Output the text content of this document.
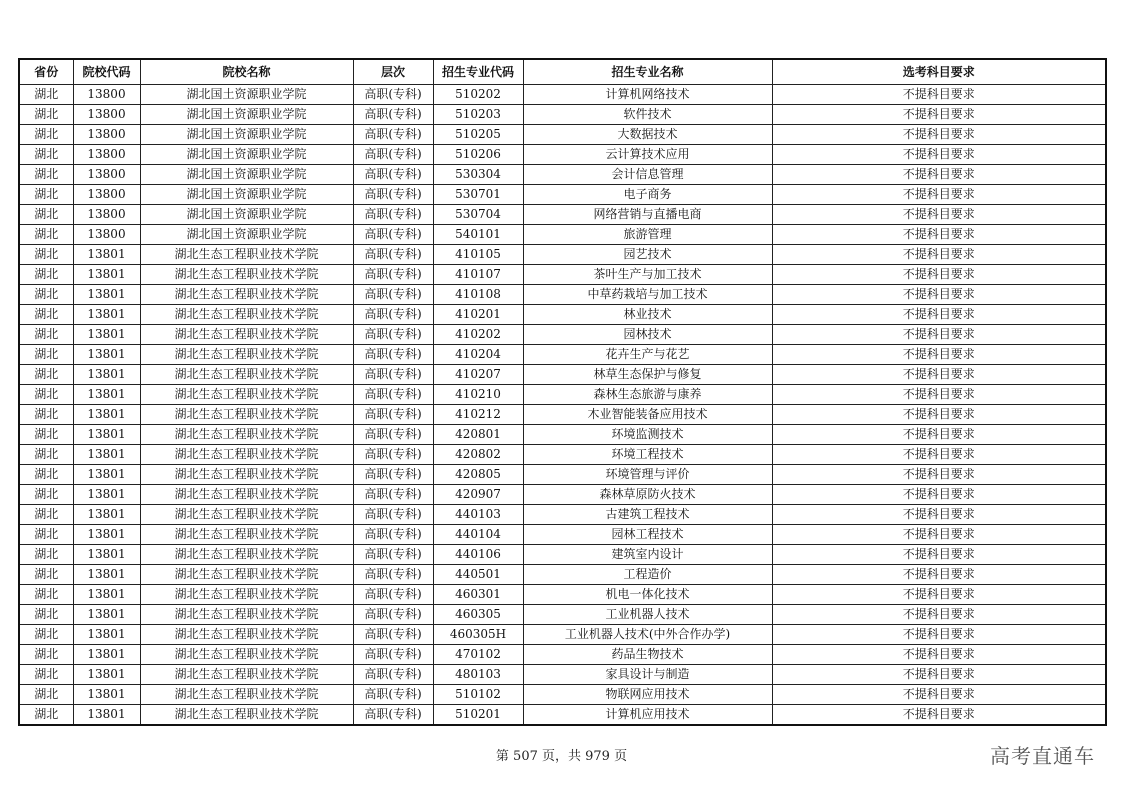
省份	院校代码	院校名称	层次	招生专业代码	招生专业名称	选考科目要求
湖北	13800	湖北国土资源职业学院	高职(专科)	510202	计算机网络技术	不提科目要求
湖北	13800	湖北国土资源职业学院	高职(专科)	510203	软件技术	不提科目要求
湖北	13800	湖北国土资源职业学院	高职(专科)	510205	大数据技术	不提科目要求
湖北	13800	湖北国土资源职业学院	高职(专科)	510206	云计算技术应用	不提科目要求
湖北	13800	湖北国土资源职业学院	高职(专科)	530304	会计信息管理	不提科目要求
湖北	13800	湖北国土资源职业学院	高职(专科)	530701	电子商务	不提科目要求
湖北	13800	湖北国土资源职业学院	高职(专科)	530704	网络营销与直播电商	不提科目要求
湖北	13800	湖北国土资源职业学院	高职(专科)	540101	旅游管理	不提科目要求
湖北	13801	湖北生态工程职业技术学院	高职(专科)	410105	园艺技术	不提科目要求
湖北	13801	湖北生态工程职业技术学院	高职(专科)	410107	茶叶生产与加工技术	不提科目要求
湖北	13801	湖北生态工程职业技术学院	高职(专科)	410108	中草药栽培与加工技术	不提科目要求
湖北	13801	湖北生态工程职业技术学院	高职(专科)	410201	林业技术	不提科目要求
湖北	13801	湖北生态工程职业技术学院	高职(专科)	410202	园林技术	不提科目要求
湖北	13801	湖北生态工程职业技术学院	高职(专科)	410204	花卉生产与花艺	不提科目要求
湖北	13801	湖北生态工程职业技术学院	高职(专科)	410207	林草生态保护与修复	不提科目要求
湖北	13801	湖北生态工程职业技术学院	高职(专科)	410210	森林生态旅游与康养	不提科目要求
湖北	13801	湖北生态工程职业技术学院	高职(专科)	410212	木业智能装备应用技术	不提科目要求
湖北	13801	湖北生态工程职业技术学院	高职(专科)	420801	环境监测技术	不提科目要求
湖北	13801	湖北生态工程职业技术学院	高职(专科)	420802	环境工程技术	不提科目要求
湖北	13801	湖北生态工程职业技术学院	高职(专科)	420805	环境管理与评价	不提科目要求
湖北	13801	湖北生态工程职业技术学院	高职(专科)	420907	森林草原防火技术	不提科目要求
湖北	13801	湖北生态工程职业技术学院	高职(专科)	440103	古建筑工程技术	不提科目要求
湖北	13801	湖北生态工程职业技术学院	高职(专科)	440104	园林工程技术	不提科目要求
湖北	13801	湖北生态工程职业技术学院	高职(专科)	440106	建筑室内设计	不提科目要求
湖北	13801	湖北生态工程职业技术学院	高职(专科)	440501	工程造价	不提科目要求
湖北	13801	湖北生态工程职业技术学院	高职(专科)	460301	机电一体化技术	不提科目要求
湖北	13801	湖北生态工程职业技术学院	高职(专科)	460305	工业机器人技术	不提科目要求
湖北	13801	湖北生态工程职业技术学院	高职(专科)	460305H	工业机器人技术(中外合作办学)	不提科目要求
湖北	13801	湖北生态工程职业技术学院	高职(专科)	470102	药品生物技术	不提科目要求
湖北	13801	湖北生态工程职业技术学院	高职(专科)	480103	家具设计与制造	不提科目要求
湖北	13801	湖北生态工程职业技术学院	高职(专科)	510102	物联网应用技术	不提科目要求
湖北	13801	湖北生态工程职业技术学院	高职(专科)	510201	计算机应用技术	不提科目要求
第 507 页，共 979 页	高考直通车
